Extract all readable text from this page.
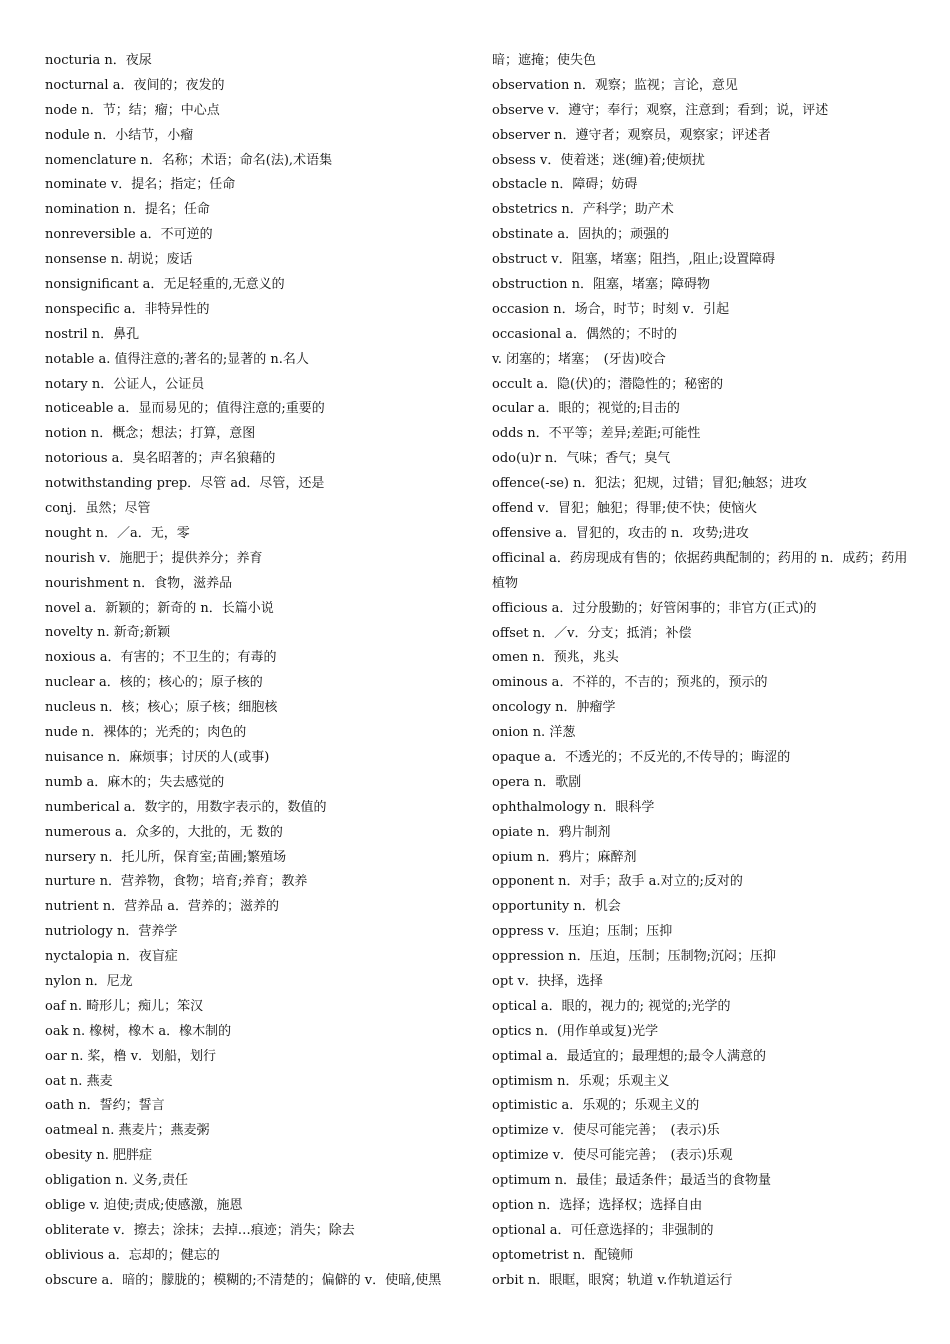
nocturia n．夜尿
nocturnal a．夜间的；夜发的
node n．节；结；瘤；中心点
nodule n．小结节，小瘤
nomenclature n．名称；术语；命名(法),术语集
nominate v．提名；指定；任命
nomination n．提名；任命
nonreversible a．不可逆的
nonsense n. 胡说；废话
nonsignificant a．无足轻重的,无意义的
nonspecific a．非特异性的
nostril n．鼻孔
notable a. 值得注意的;著名的;显著的 n.名人
notary n．公证人，公证员
noticeable a．显而易见的；值得注意的;重要的
notion n．概念；想法；打算，意图
notorious a．臭名昭著的；声名狼藉的
notwithstanding prep．尽管 ad．尽管，还是
conj．虽然；尽管
nought n．／a．无，零
nourish v．施肥于；提供养分；养育
nourishment n．食物，滋养品
novel a．新颖的；新奇的 n．长篇小说
novelty n. 新奇;新颖
noxious a．有害的；不卫生的；有毒的
nuclear a．核的；核心的；原子核的
nucleus n．核；核心；原子核；细胞核
nude n．裸体的；光秃的；肉色的
nuisance n．麻烦事；讨厌的人(或事)
numb a．麻木的；失去感觉的
numberical a．数字的，用数字表示的，数值的
numerous a．众多的，大批的，无 数的
nursery n．托儿所，保育室;苗圃;繁殖场
nurture n．营养物，食物；培育;养育；教养
nutrient n．营养品 a．营养的；滋养的
nutriology n．营养学
nyctalopia n．夜盲症
nylon n．尼龙
oaf n. 畸形儿；痴儿；笨汉
oak n. 橡树，橡木 a．橡木制的
oar n. 桨，橹 v．划船，划行
oat n. 燕麦
oath n．誓约；誓言
oatmeal n. 燕麦片；燕麦粥
obesity n. 肥胖症
obligation n. 义务,责任
oblige v. 迫使;责成;使感激，施恩
obliterate v．擦去；涂抹；去掉…痕迹；消失；除去
oblivious a．忘却的；健忘的
obscure a．暗的；朦胧的；模糊的;不清楚的；偏僻的 v．使暗,使黑
暗；遮掩；使失色
observation n．观察；监视；言论，意见
observe v．遵守；奉行；观察，注意到；看到；说，评述
observer n．遵守者；观察员，观察家；评述者
obsess v．使着迷；迷(缠)着;使烦扰
obstacle n．障碍；妨碍
obstetrics n．产科学；助产术
obstinate a．固执的；顽强的
obstruct v．阻塞，堵塞；阻挡，,阻止;设置障碍
obstruction n．阻塞，堵塞；障碍物
occasion n．场合，时节；时刻 v．引起
occasional a．偶然的；不时的
v. 闭塞的；堵塞；　(牙齿)咬合
occult a．隐(伏)的；潜隐性的；秘密的
ocular a．眼的；视觉的;目击的
odds n．不平等；差异;差距;可能性
odo(u)r n．气味；香气；臭气
offence(-se) n．犯法；犯规，过错；冒犯;触怒；进攻
offend v．冒犯；触犯；得罪;使不快；使恼火
offensive a．冒犯的，攻击的 n．攻势;进攻
officinal a．药房现成有售的；依据药典配制的；药用的 n．成药；药用植物
officious a．过分殷勤的；好管闲事的；非官方(正式)的
offset n．／v．分支；抵消；补偿
omen n．预兆，兆头
ominous a．不祥的，不吉的；预兆的，预示的
oncology n．肿瘤学
onion n. 洋葱
opaque a．不透光的；不反光的,不传导的；晦涩的
opera n．歌剧
ophthalmology n．眼科学
opiate n．鸦片制剂
opium n．鸦片；麻醉剂
opponent n．对手；敌手 a.对立的;反对的
opportunity n．机会
oppress v．压迫；压制；压抑
oppression n．压迫，压制；压制物;沉闷；压抑
opt v．抉择，选择
optical a．眼的，视力的; 视觉的;光学的
optics n．(用作单或复)光学
optimal a．最适宜的；最理想的;最令人满意的
optimism n．乐观；乐观主义
optimistic a．乐观的；乐观主义的
optimize v．使尽可能完善；　(表示)乐
optimize v．使尽可能完善；　(表示)乐观
optimum n．最佳；最适条件；最适当的食物量
option n．选择；选择权；选择自由
optional a．可任意选择的；非强制的
optometrist n．配镜师
orbit n．眼眶，眼窝；轨道 v.作轨道运行
